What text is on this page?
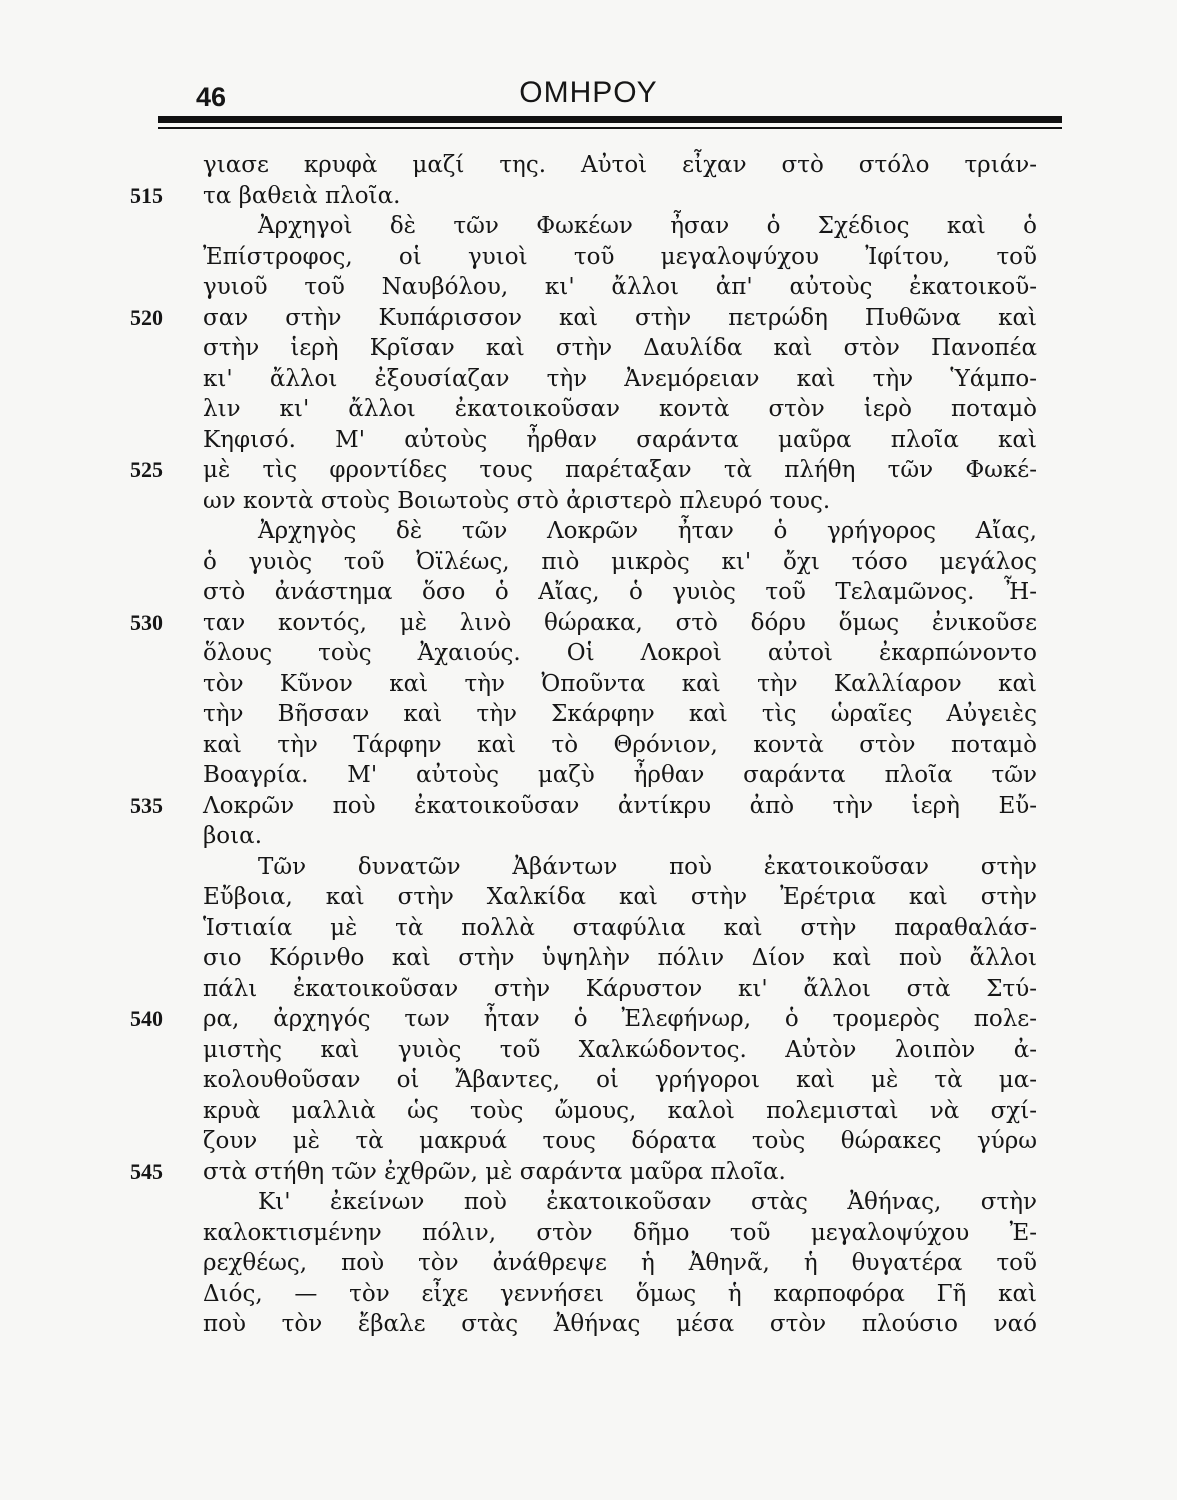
46	ΟΜΗΡΟΥ
γιασε κρυφὰ μαζί της. Αὐτοὶ εἶχαν στὸ στόλο τριάν-
515	τα βαθειὰ πλοῖα.
Ἀρχηγοὶ δὲ τῶν Φωκέων ἦσαν ὁ Σχέδιος καὶ ὁ
Ἐπίστροφος, οἱ γυιοὶ τοῦ μεγαλοψύχου Ἰφίτου, τοῦ
γυιοῦ τοῦ Ναυβόλου, κι' ἄλλοι ἀπ' αὐτοὺς ἐκατοικοῦ-
520	σαν στὴν Κυπάρισσον καὶ στὴν πετρώδη Πυθῶνα καὶ
στὴν ἱερὴ Κρῖσαν καὶ στὴν Δαυλίδα καὶ στὸν Πανοπέα
κι' ἄλλοι ἐξουσίαζαν τὴν Ἀνεμόρειαν καὶ τὴν Ὑάμπο-
λιν κι' ἄλλοι ἐκατοικοῦσαν κοντὰ στὸν ἱερὸ ποταμὸ
Κηφισό. Μ' αὐτοὺς ἦρθαν σαράντα μαῦρα πλοῖα καὶ
525	μὲ τὶς φροντίδες τους παρέταξαν τὰ πλήθη τῶν Φωκέ-
ων κοντὰ στοὺς Βοιωτοὺς στὸ ἀριστερὸ πλευρό τους.
Ἀρχηγὸς δὲ τῶν Λοκρῶν ἦταν ὁ γρήγορος Αἴας,
ὁ γυιὸς τοῦ Ὀϊλέως, πιὸ μικρὸς κι' ὄχι τόσο μεγάλος
στὸ ἀνάστημα ὅσο ὁ Αἴας, ὁ γυιὸς τοῦ Τελαμῶνος. Ἦ-
530	ταν κοντός, μὲ λινὸ θώρακα, στὸ δόρυ ὅμως ἐνικοῦσε
ὅλους τοὺς Ἀχαιούς. Οἱ Λοκροὶ αὐτοὶ ἐκαρπώνοντο
τὸν Κῦνον καὶ τὴν Ὀποῦντα καὶ τὴν Καλλίαρον καὶ
τὴν Βῆσσαν καὶ τὴν Σκάρφην καὶ τὶς ὡραῖες Αὐγειὲς
καὶ τὴν Τάρφην καὶ τὸ Θρόνιον, κοντὰ στὸν ποταμὸ
Βοαγρία. Μ' αὐτοὺς μαζὺ ἦρθαν σαράντα πλοῖα τῶν
535	Λοκρῶν ποὺ ἐκατοικοῦσαν ἀντίκρυ ἀπὸ τὴν ἱερὴ Εὔ-
βοια.
Τῶν δυνατῶν Ἀβάντων ποὺ ἐκατοικοῦσαν στὴν
Εὔβοια, καὶ στὴν Χαλκίδα καὶ στὴν Ἐρέτρια καὶ στὴν
Ἱστιαία μὲ τὰ πολλὰ σταφύλια καὶ στὴν παραθαλάσ-
σιο Κόρινθο καὶ στὴν ὑψηλὴν πόλιν Δίον καὶ ποὺ ἄλλοι
πάλι ἐκατοικοῦσαν στὴν Κάρυστον κι' ἄλλοι στὰ Στύ-
540	ρα, ἀρχηγός των ἦταν ὁ Ἐλεφήνωρ, ὁ τρομερὸς πολε-
μιστὴς καὶ γυιὸς τοῦ Χαλκώδοντος. Αὐτὸν λοιπὸν ἀ-
κολουθοῦσαν οἱ Ἄβαντες, οἱ γρήγοροι καὶ μὲ τὰ μα-
κρυὰ μαλλιὰ ὡς τοὺς ὤμους, καλοὶ πολεμισταὶ νὰ σχί-
ζουν μὲ τὰ μακρυά τους δόρατα τοὺς θώρακες γύρω
545	στὰ στήθη τῶν ἐχθρῶν, μὲ σαράντα μαῦρα πλοῖα.
Κι' ἐκείνων ποὺ ἐκατοικοῦσαν στὰς Ἀθήνας, στὴν
καλοκτισμένην πόλιν, στὸν δῆμο τοῦ μεγαλοψύχου Ἐ-
ρεχθέως, ποὺ τὸν ἀνάθρεψε ἡ Ἀθηνᾶ, ἡ θυγατέρα τοῦ
Διός, — τὸν εἶχε γεννήσει ὅμως ἡ καρποφόρα Γῆ καὶ
ποὺ τὸν ἔβαλε στὰς Ἀθήνας μέσα στὸν πλούσιο ναό
